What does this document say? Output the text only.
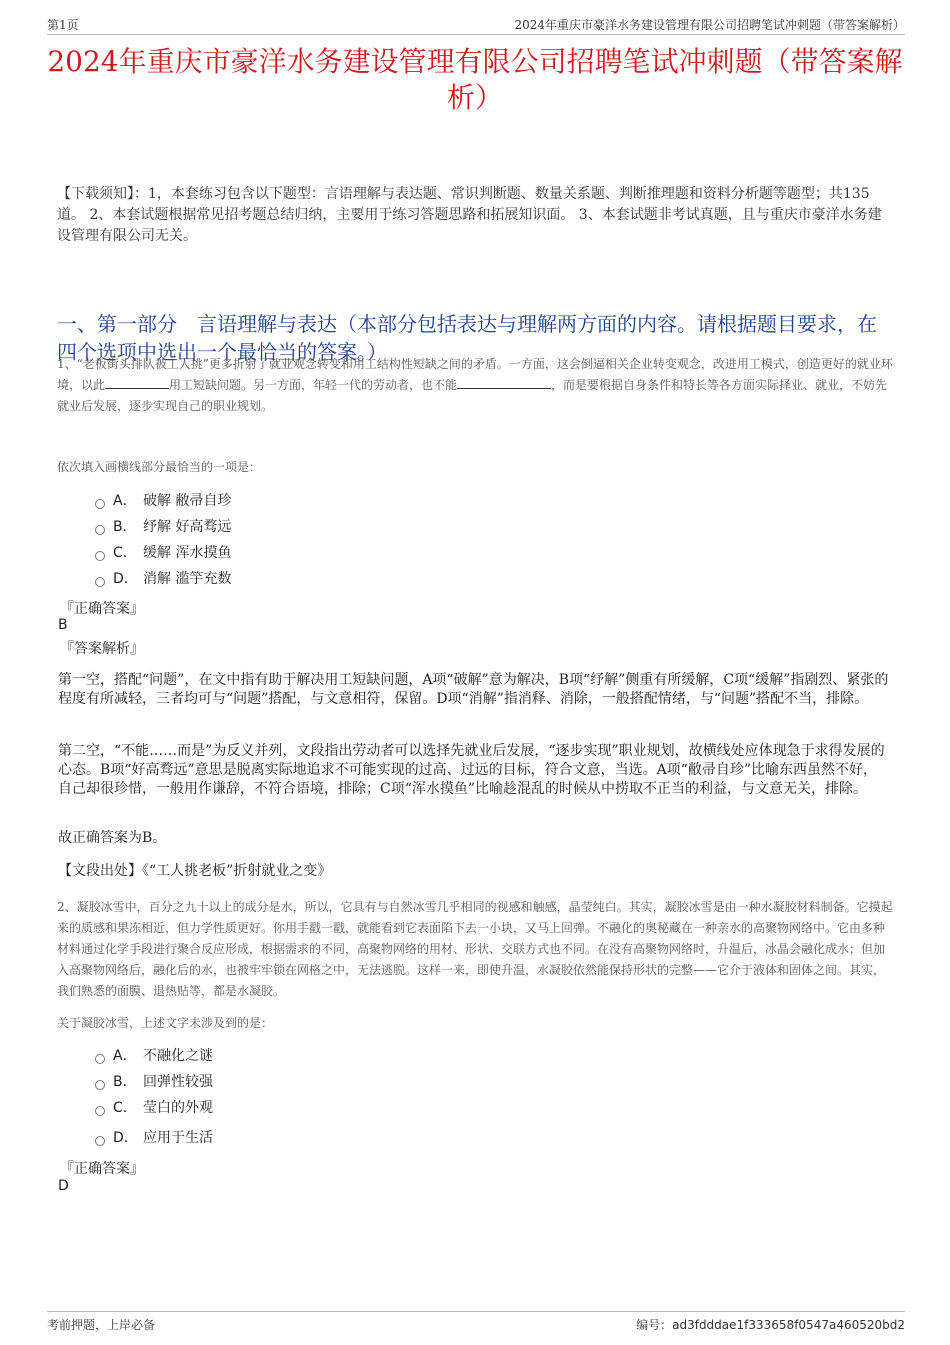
第1页	2024年重庆市豪洋水务建设管理有限公司招聘笔试冲刺题（带答案解析）
2024年重庆市豪洋水务建设管理有限公司招聘笔试冲刺题（带答案解析）
【下载须知】：1，本套练习包含以下题型：言语理解与表达题、常识判断题、数量关系题、判断推理题和资料分析题等题型；共135道。 2、本套试题根据常见招考题总结归纳，主要用于练习答题思路和拓展知识面。 3、本套试题非考试真题，且与重庆市豪洋水务建设管理有限公司无关。
一、第一部分　言语理解与表达（本部分包括表达与理解两方面的内容。请根据题目要求，在四个选项中选出一个最恰当的答案。）
1、“老板街头排队被工人挑”更多折射了就业观念转变和用工结构性短缺之间的矛盾。一方面，这会倒逼相关企业转变观念，改进用工模式，创造更好的就业环境，以此	用工短缺问题。另一方面，年轻一代的劳动者，也不能	，而是要根据自身条件和特长等各方面实际择业、就业，不妨先就业后发展，逐步实现自己的职业规划。
依次填入画横线部分最恰当的一项是：
A． 破解 敝帚自珍
B． 纾解 好高骛远
C． 缓解 浑水摸鱼
D． 消解 滥竽充数
『正确答案』
B
『答案解析』
第一空，搭配“问题”，在文中指有助于解决用工短缺问题，A项“破解”意为解决，B项“纾解”侧重有所缓解，C项“缓解”指剧烈、紧张的程度有所减轻，三者均可与“问题”搭配，与文意相符，保留。D项“消解”指消释、消除，一般搭配情绪，与“问题”搭配不当，排除。
第二空，“不能……而是”为反义并列，文段指出劳动者可以选择先就业后发展，“逐步实现”职业规划，故横线处应体现急于求得发展的心态。B项“好高骛远”意思是脱离实际地追求不可能实现的过高、过远的目标，符合文意，当选。A项“敝帚自珍”比喻东西虽然不好，自己却很珍惜，一般用作谦辞，不符合语境，排除；C项“浑水摸鱼”比喻趁混乱的时候从中捞取不正当的利益，与文意无关，排除。
故正确答案为B。
【文段出处】《“工人挑老板”折射就业之变》
2、凝胶冰雪中，百分之九十以上的成分是水，所以，它具有与自然冰雪几乎相同的视感和触感，晶莹纯白。其实，凝胶冰雪是由一种水凝胶材料制备。它摸起来的质感和果冻相近，但力学性质更好。你用手戳一戳，就能看到它表面陷下去一小块，又马上回弹。不融化的奥秘藏在一种亲水的高聚物网络中。它由多种材料通过化学手段进行聚合反应形成，根据需求的不同，高聚物网络的用材、形状、交联方式也不同。在没有高聚物网络时，升温后，冰晶会融化成水；但加入高聚物网络后，融化后的水，也被牢牢锁在网格之中，无法逃脱。这样一来，即使升温，水凝胶依然能保持形状的完整——它介于液体和固体之间。其实，我们熟悉的面膜、退热贴等，都是水凝胶。
关于凝胶冰雪，上述文字未涉及到的是：
A． 不融化之谜
B． 回弹性较强
C． 莹白的外观
D． 应用于生活
『正确答案』
D
考前押题，上岸必备	编号：ad3fdddae1f333658f0547a460520bd2
